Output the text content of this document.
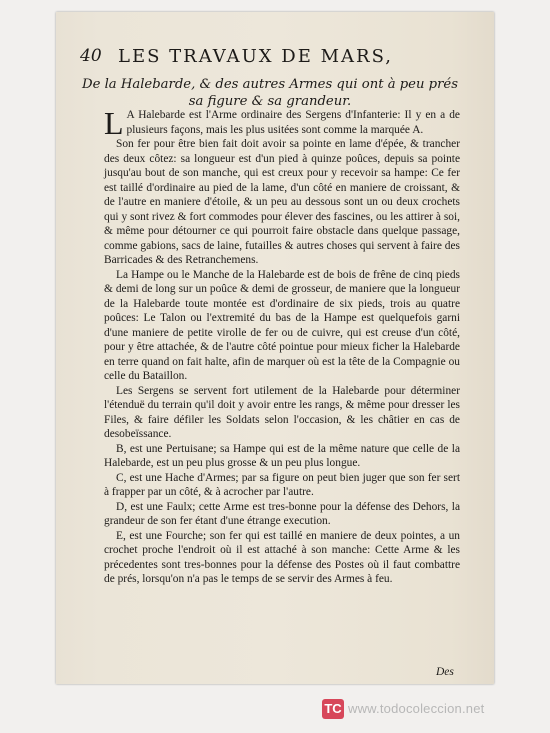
40 LES TRAVAUX DE MARS,
De la Halebarde, & des autres Armes qui ont à peu prés
sa figure & sa grandeur.

L A Halebarde est l'Arme ordinaire des Sergens d'Infanterie: Il y en a de plusieurs façons, mais les plus usitées sont comme la marquée A.

Son fer pour être bien fait doit avoir sa pointe en lame d'épée, & trancher des deux côtez: sa longueur est d'un pied à quinze poûces, depuis sa pointe jusqu'au bout de son manche, qui est creux pour y recevoir sa hampe: Ce fer est taillé d'ordinaire au pied de la lame, d'un côté en maniere de croissant, & de l'autre en maniere d'étoile, & un peu au dessous sont un ou deux crochets qui y sont rivez & fort commodes pour élever des fascines, ou les attirer à soi, & même pour détourner ce qui pourroit faire obstacle dans quelque passage, comme gabions, sacs de laine, futailles & autres choses qui servent à faire des Barricades & des Retranchemens.

La Hampe ou le Manche de la Halebarde est de bois de frêne de cinq pieds & demi de long sur un poûce & demi de grosseur, de maniere que la longueur de la Halebarde toute montée est d'ordinaire de six pieds, trois au quatre poûces: Le Talon ou l'extremité du bas de la Hampe est quelquefois garni d'une maniere de petite virolle de fer ou de cuivre, qui est creuse d'un côté, pour y être attachée, & de l'autre côté pointue pour mieux ficher la Halebarde en terre quand on fait halte, afin de marquer où est la tête de la Compagnie ou celle du Bataillon.

Les Sergens se servent fort utilement de la Halebarde pour déterminer l'étenduë du terrain qu'il doit y avoir entre les rangs, & même pour dresser les Files, & faire défiler les Soldats selon l'occasion, & les châtier en cas de desobeïssance.

B, est une Pertuisane; sa Hampe qui est de la même nature que celle de la Halebarde, est un peu plus grosse & un peu plus longue.

C, est une Hache d'Armes; par sa figure on peut bien juger que son fer sert à frapper par un côté, & à acrocher par l'autre.

D, est une Faulx; cette Arme est tres-bonne pour la défense des Dehors, la grandeur de son fer étant d'une étrange execution.

E, est une Fourche; son fer qui est taillé en maniere de deux pointes, a un crochet proche l'endroit où il est attaché à son manche: Cette Arme & les précedentes sont tres-bonnes pour la défense des Postes où il faut combattre de prés, lorsqu'on n'a pas le temps de se servir des Armes à feu.

Des
TC www.todocoleccion.net
